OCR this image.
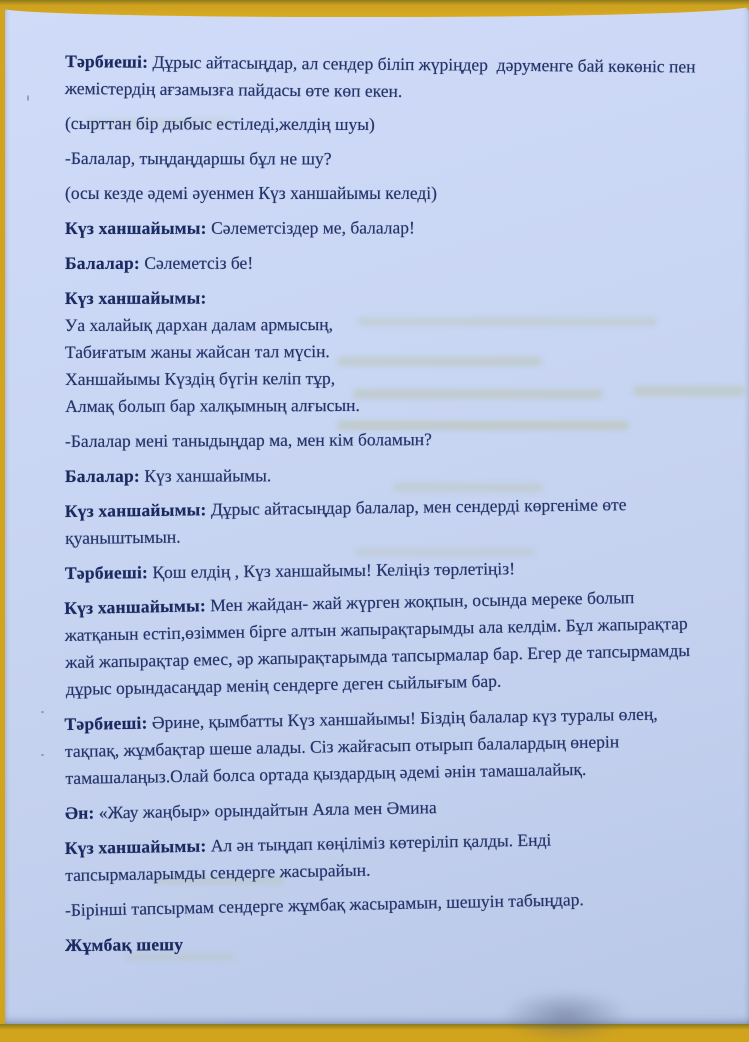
Тәрбиеші: Дұрыс айтасыңдар, ал сендер біліп жүріңдер  дәруменге бай көкөніс пен
жемістердің ағзамызға пайдасы өте көп екен.

(сырттан бір дыбыс естіледі,желдің шуы)

-Балалар, тыңдаңдаршы бұл не шу?

(осы кезде әдемі әуенмен Күз ханшайымы келеді)

Күз ханшайымы: Сәлеметсіздер ме, балалар!

Балалар: Сәлеметсіз бе!

Күз ханшайымы:
Уа халайық дархан далам армысың,
Табиғатым жаны жайсан тал мүсін.
Ханшайымы Күздің бүгін келіп тұр,
Алмақ болып бар халқымның алғысын.

-Балалар мені таныдыңдар ма, мен кім боламын?

Балалар: Күз ханшайымы.

Күз ханшайымы: Дұрыс айтасыңдар балалар, мен сендерді көргеніме өте
қуаныштымын.

Тәрбиеші: Қош елдің , Күз ханшайымы! Келіңіз төрлетіңіз!

Күз ханшайымы: Мен жайдан- жай жүрген жоқпын, осында мереке болып
жатқанын естіп,өзіммен бірге алтын жапырақтарымды ала келдім. Бұл жапырақтар
жай жапырақтар емес, әр жапырақтарымда тапсырмалар бар. Егер де тапсырмамды
дұрыс орындасаңдар менің сендерге деген сыйлығым бар.

Тәрбиеші: Әрине, қымбатты Күз ханшайымы! Біздің балалар күз туралы өлең,
тақпақ, жұмбақтар шеше алады. Сіз жайғасып отырып балалардың өнерін
тамашалаңыз.Олай болса ортада қыздардың әдемі әнін тамашалайық.

Ән: «Жау жаңбыр» орындайтын Аяла мен Әмина

Күз ханшайымы: Ал ән тыңдап көңіліміз көтеріліп қалды. Енді
тапсырмаларымды сендерге жасырайын.

-Бірінші тапсырмам сендерге жұмбақ жасырамын, шешуін табыңдар.

Жұмбақ шешу
